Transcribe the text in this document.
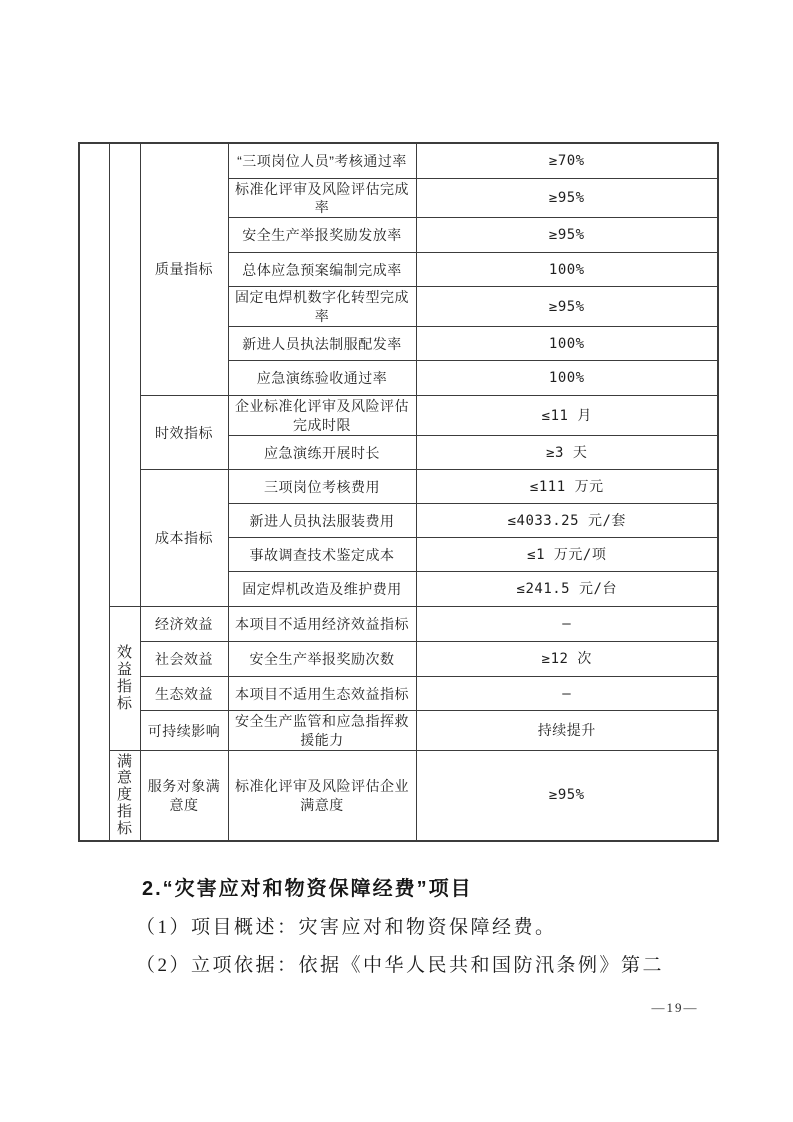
		质量指标	“三项岗位人员”考核通过率	≥70%
			标准化评审及风险评估完成率	≥95%
			安全生产举报奖励发放率	≥95%
			总体应急预案编制完成率	100%
			固定电焊机数字化转型完成率	≥95%
			新进人员执法制服配发率	100%
			应急演练验收通过率	100%
		时效指标	企业标准化评审及风险评估完成时限	≤11 月
			应急演练开展时长	≥3 天
		成本指标	三项岗位考核费用	≤111 万元
			新进人员执法服装费用	≤4033.25 元/套
			事故调查技术鉴定成本	≤1 万元/项
			固定焊机改造及维护费用	≤241.5 元/台

	效益指标	经济效益	本项目不适用经济效益指标	—
		社会效益	安全生产举报奖励次数	≥12 次
		生态效益	本项目不适用生态效益指标	—
		可持续影响	安全生产监管和应急指挥救援能力	持续提升

	满意度指标	服务对象满意度	标准化评审及风险评估企业满意度	≥95%
2.“灾害应对和物资保障经费”项目
（1）项目概述：灾害应对和物资保障经费。
（2）立项依据：依据《中华人民共和国防汛条例》第二
—19—
